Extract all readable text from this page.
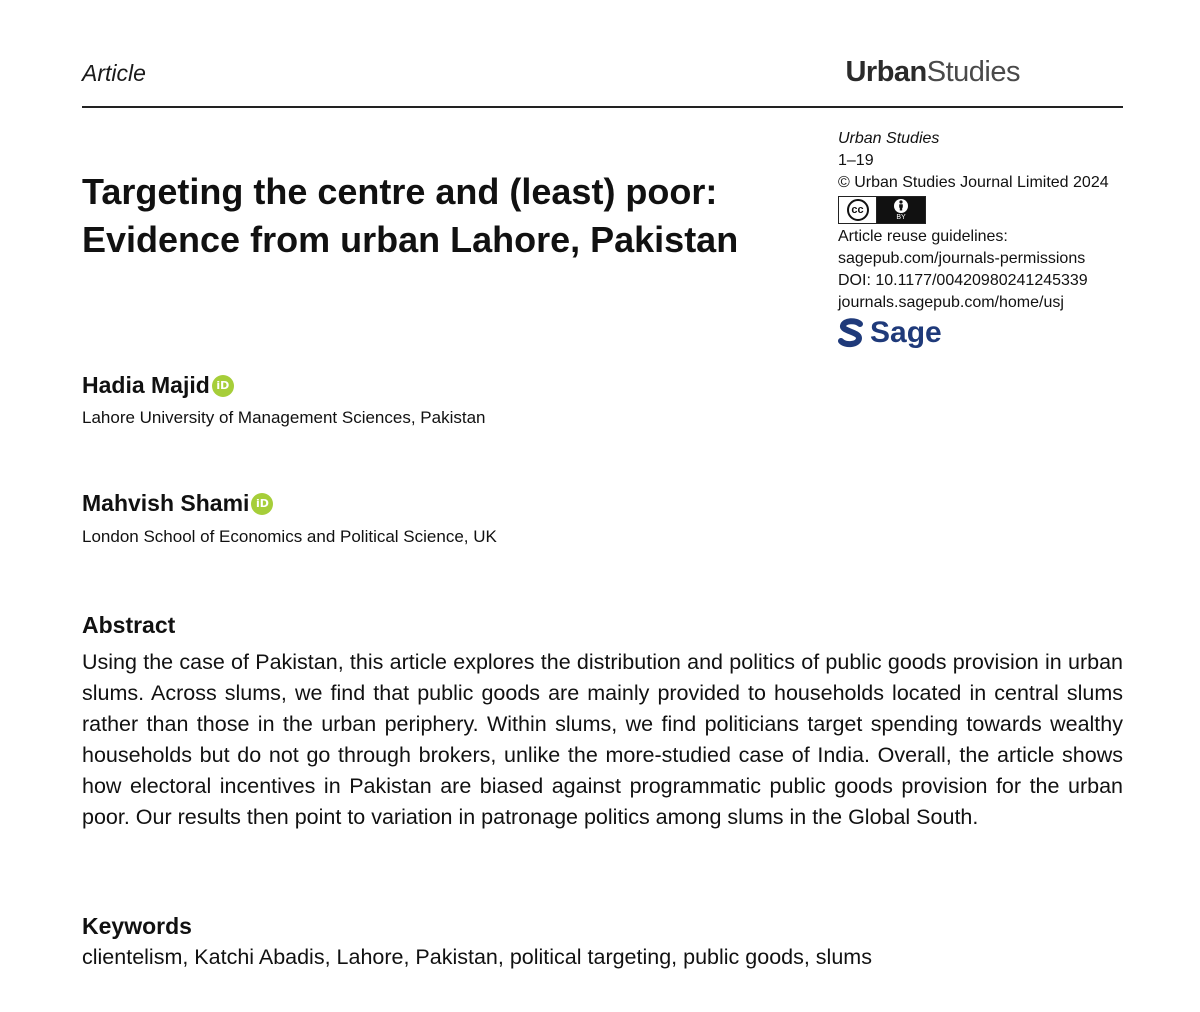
Article	UrbanStudies
Targeting the centre and (least) poor: Evidence from urban Lahore, Pakistan
Urban Studies
1–19
© Urban Studies Journal Limited 2024
cc
BY
Article reuse guidelines:
sagepub.com/journals-permissions
DOI: 10.1177/00420980241245339
journals.sagepub.com/home/usj
Sage
Hadia Majid iD
Lahore University of Management Sciences, Pakistan
Mahvish Shami iD
London School of Economics and Political Science, UK
Abstract

Using the case of Pakistan, this article explores the distribution and politics of public goods provision in urban slums. Across slums, we find that public goods are mainly provided to households located in central slums rather than those in the urban periphery. Within slums, we find politicians target spending towards wealthy households but do not go through brokers, unlike the more-studied case of India. Overall, the article shows how electoral incentives in Pakistan are biased against programmatic public goods provision for the urban poor. Our results then point to variation in patronage politics among slums in the Global South.

Keywords
clientelism, Katchi Abadis, Lahore, Pakistan, political targeting, public goods, slums
